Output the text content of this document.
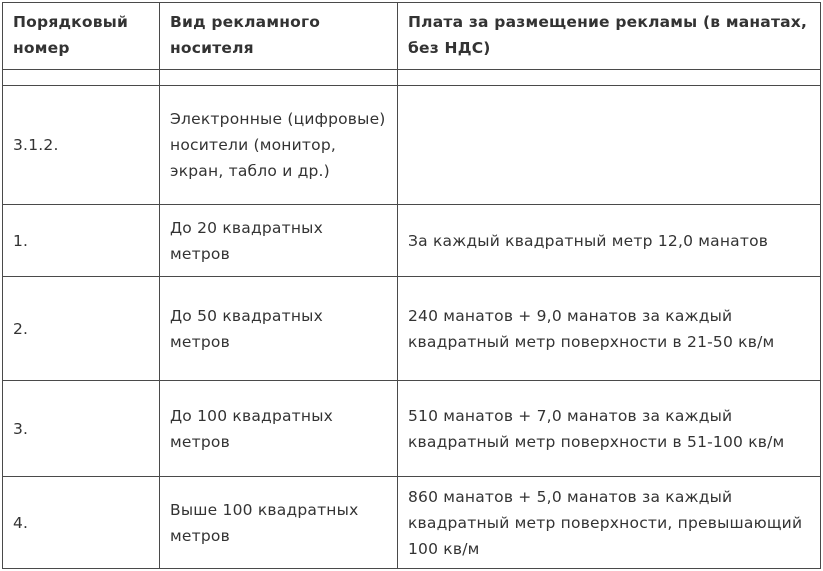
Порядковый номер	Вид рекламного носителя	Плата за размещение рекламы (в манатах, без НДС)

3.1.2.	Электронные (цифровые) носители (монитор, экран, табло и др.)	
1.	До 20 квадратных метров	За каждый квадратный метр 12,0 манатов
2.	До 50 квадратных метров	240 манатов + 9,0 манатов за каждый квадратный метр поверхности в 21-50 кв/м
3.	До 100 квадратных метров	510 манатов + 7,0 манатов за каждый квадратный метр поверхности в 51-100 кв/м
4.	Выше 100 квадратных метров	860 манатов + 5,0 манатов за каждый квадратный метр поверхности, превышающий 100 кв/м
